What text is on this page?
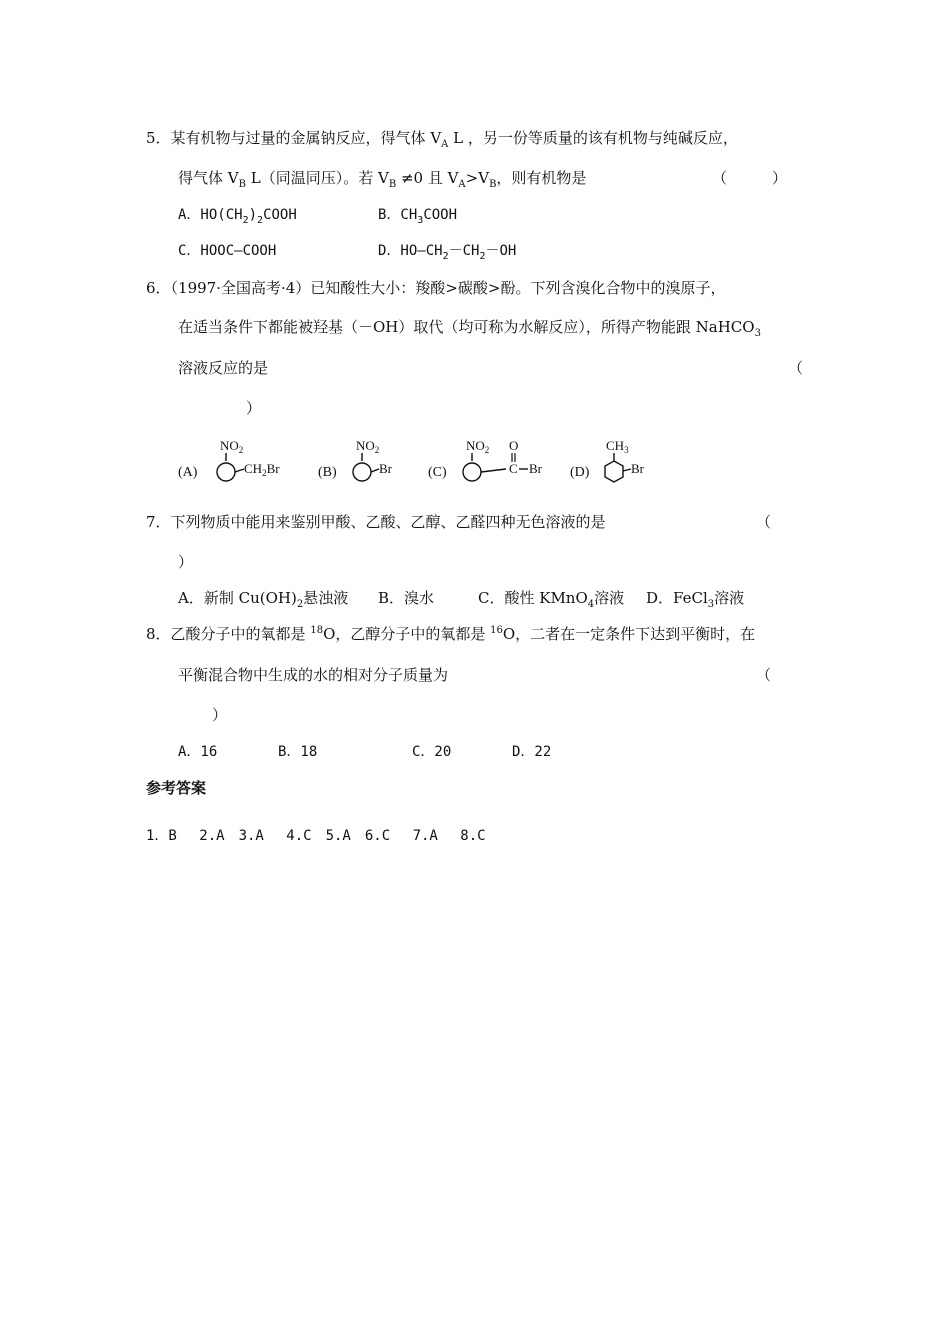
5．某有机物与过量的金属钠反应，得气体 $V_A$ L ，另一份等质量的该有机物与纯碱反应，
得气体 $V_B$ L（同温同压）。若 $V_B \ne 0$ 且 $V_A>V_B$，则有机物是	（　　　）
A．$HO(CH_2)_2COOH$	B．$CH_3COOH$
C．HOOC—COOH	D．$HO—CH_2-CH_2-OH$
6．（1997·全国高考·4）已知酸性大小：羧酸>碳酸>酚。下列含溴化合物中的溴原子，
在适当条件下都能被羟基（－OH）取代（均可称为水解反应），所得产物能跟 NaHCO$_3$
溶液反应的是	（
）
(A)
$NO_2$
$CH_2Br$	(B)
$NO_2$
Br	(C)
$NO_2$ O
C Br (D)
$CH_3$
Br
7．下列物质中能用来鉴别甲酸、乙酸、乙醇、乙醛四种无色溶液的是	（
）
A．新制 $Cu(OH)_2$悬浊液 B．溴水	C．酸性 KMnO$_4$溶液 D．FeCl$_3$溶液
8．乙酸分子中的氧都是 $^{18}$O，乙醇分子中的氧都是 $^{16}$O，二者在一定条件下达到平衡时，在
平衡混合物中生成的水的相对分子质量为	（
）
A．16	B．18	C．20	D．22
参考答案
1．B　 2.A　3.A　 4.C　5.A　6.C　 7.A　 8.C
